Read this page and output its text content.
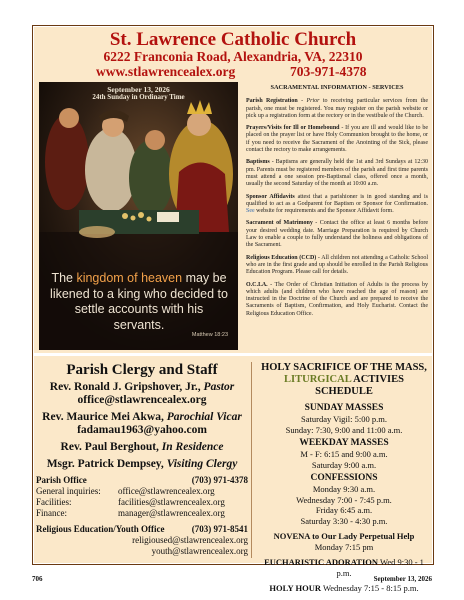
St. Lawrence Catholic Church
6222 Franconia Road, Alexandria, VA, 22310
www.stlawrencealex.org	703-971-4378
September 13, 2026
24th Sunday in Ordinary Time
The kingdom of heaven may be likened to a king who decided to settle accounts with his servants.
Matthew 18:23
SACRAMENTAL INFORMATION - SERVICES

Parish Registration - Prior to receiving particular services from the parish, one must be registered. You may register on the parish website or pick up a registration form at the rectory or in the vestibule of the Church.

Prayers/Visits for Ill or Homebound - If you are ill and would like to be placed on the prayer list or have Holy Communion brought to the home, or if you need to receive the Sacrament of the Anointing of the Sick, please contact the rectory to make arrangements.

Baptisms - Baptisms are generally held the 1st and 3rd Sundays at 12:30 pm. Parents must be registered members of the parish and first time parents must attend a one session pre-Baptismal class, offered once a month, usually the second Saturday of the month at 10:00 a.m.

Sponsor Affidavits attest that a parishioner is in good standing and is qualified to act as a Godparent for Baptism or Sponsor for Confirmation. See website for requirements and the Sponsor Affidavit form.

Sacrament of Matrimony - Contact the office at least 6 months before your desired wedding date. Marriage Preparation is required by Church Law to enable a couple to fully understand the holiness and obligations of the Sacrament.

Religious Education (CCD) - All children not attending a Catholic School who are in the first grade and up should be enrolled in the Parish Religious Education Program. Please call for details.

O.C.I.A. - The Order of Christian Initiation of Adults is the process by which adults (and children who have reached the age of reason) are instructed in the Doctrine of the Church and are prepared to receive the Sacraments of Baptism, Confirmation, and Holy Eucharist. Contact the Religious Education Office.

Parish Clergy and Staff
Rev. Ronald J. Gripshover, Jr., Pastor
office@stlawrencealex.org
Rev. Maurice Mei Akwa, Parochial Vicar
fadamau1963@yahoo.com
Rev. Paul Berghout, In Residence
Msgr. Patrick Dempsey, Visiting Clergy
Parish Office	(703) 971-4378
General inquiries:	office@stlawrencealex.org
Facilities:	facilities@stlawrencealex.org
Finance:	manager@stlawrencealex.org
Religious Education/Youth Office	(703) 971-8541
religioused@stlawrencealex.org
youth@stlawrencealex.org
HOLY SACRIFICE OF THE MASS,
LITURGICAL ACTIVIES SCHEDULE
SUNDAY MASSES
Saturday Vigil: 5:00 p.m.
Sunday: 7:30, 9:00 and 11:00 a.m.
WEEKDAY MASSES
M - F: 6:15 and 9:00 a.m.
Saturday 9:00 a.m.
CONFESSIONS
Monday 9:30 a.m.
Wednesday 7:00 - 7:45 p.m.
Friday 6:45 a.m.
Saturday 3:30 - 4:30 p.m.
NOVENA to Our Lady Perpetual Help
Monday 7:15 pm
EUCHARISTIC ADORATION Wed 9:30 - 1 p.m.
HOLY HOUR Wednesday 7:15 - 8:15 p.m.
706	September 13, 2026
